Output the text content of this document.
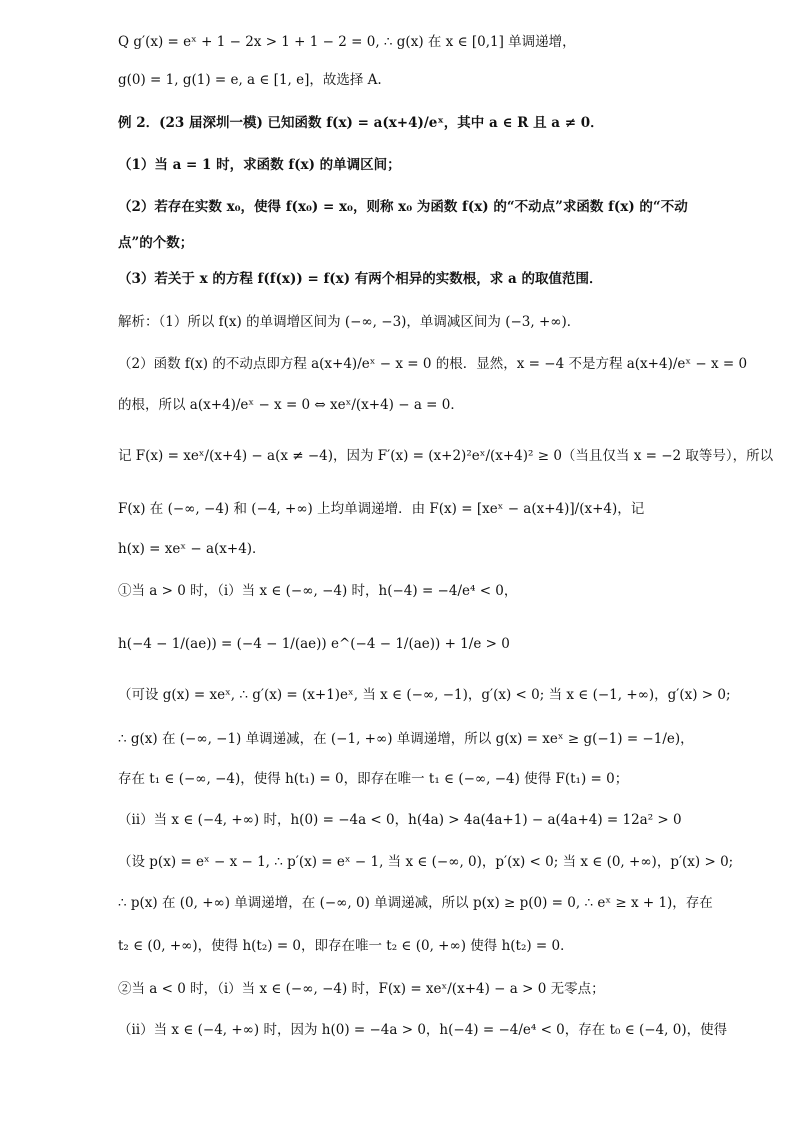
Q g′(x) = eˣ + 1 − 2x > 1 + 1 − 2 = 0, ∴ g(x) 在 x ∈ [0,1] 单调递增，
g(0) = 1, g(1) = e, a ∈ [1, e]，故选择 A.
例 2．(23 届深圳一模) 已知函数 f(x) = a(x+4)/eˣ，其中 a ∈ R 且 a ≠ 0．
（1）当 a = 1 时，求函数 f(x) 的单调区间；
（2）若存在实数 x₀，使得 f(x₀) = x₀，则称 x₀ 为函数 f(x) 的“不动点”求函数 f(x) 的“不动
点”的个数；
（3）若关于 x 的方程 f(f(x)) = f(x) 有两个相异的实数根，求 a 的取值范围．
解析：（1）所以 f(x) 的单调增区间为 (−∞, −3)，单调减区间为 (−3, +∞)．
（2）函数 f(x) 的不动点即方程 a(x+4)/eˣ − x = 0 的根．显然，x = −4 不是方程 a(x+4)/eˣ − x = 0
的根，所以 a(x+4)/eˣ − x = 0 ⇔ xeˣ/(x+4) − a = 0．
记 F(x) = xeˣ/(x+4) − a(x ≠ −4)，因为 F′(x) = (x+2)²eˣ/(x+4)² ≥ 0（当且仅当 x = −2 取等号），所以
F(x) 在 (−∞, −4) 和 (−4, +∞) 上均单调递增．由 F(x) = [xeˣ − a(x+4)]/(x+4)，记
h(x) = xeˣ − a(x+4)．
①当 a > 0 时，（ⅰ）当 x ∈ (−∞, −4) 时，h(−4) = −4/e⁴ < 0，
h(−4 − 1/(ae)) = (−4 − 1/(ae)) e^(−4 − 1/(ae)) + 1/e > 0
（可设 g(x) = xeˣ, ∴ g′(x) = (x+1)eˣ, 当 x ∈ (−∞, −1)，g′(x) < 0; 当 x ∈ (−1, +∞)，g′(x) > 0;
∴ g(x) 在 (−∞, −1) 单调递减，在 (−1, +∞) 单调递增，所以 g(x) = xeˣ ≥ g(−1) = −1/e)，
存在 t₁ ∈ (−∞, −4)，使得 h(t₁) = 0，即存在唯一 t₁ ∈ (−∞, −4) 使得 F(t₁) = 0；
（ⅱ）当 x ∈ (−4, +∞) 时，h(0) = −4a < 0，h(4a) > 4a(4a+1) − a(4a+4) = 12a² > 0
（设 p(x) = eˣ − x − 1, ∴ p′(x) = eˣ − 1, 当 x ∈ (−∞, 0)，p′(x) < 0; 当 x ∈ (0, +∞)，p′(x) > 0;
∴ p(x) 在 (0, +∞) 单调递增，在 (−∞, 0) 单调递减，所以 p(x) ≥ p(0) = 0, ∴ eˣ ≥ x + 1)，存在
t₂ ∈ (0, +∞)，使得 h(t₂) = 0，即存在唯一 t₂ ∈ (0, +∞) 使得 h(t₂) = 0．
②当 a < 0 时，（ⅰ）当 x ∈ (−∞, −4) 时，F(x) = xeˣ/(x+4) − a > 0 无零点；
（ⅱ）当 x ∈ (−4, +∞) 时，因为 h(0) = −4a > 0，h(−4) = −4/e⁴ < 0，存在 t₀ ∈ (−4, 0)，使得
